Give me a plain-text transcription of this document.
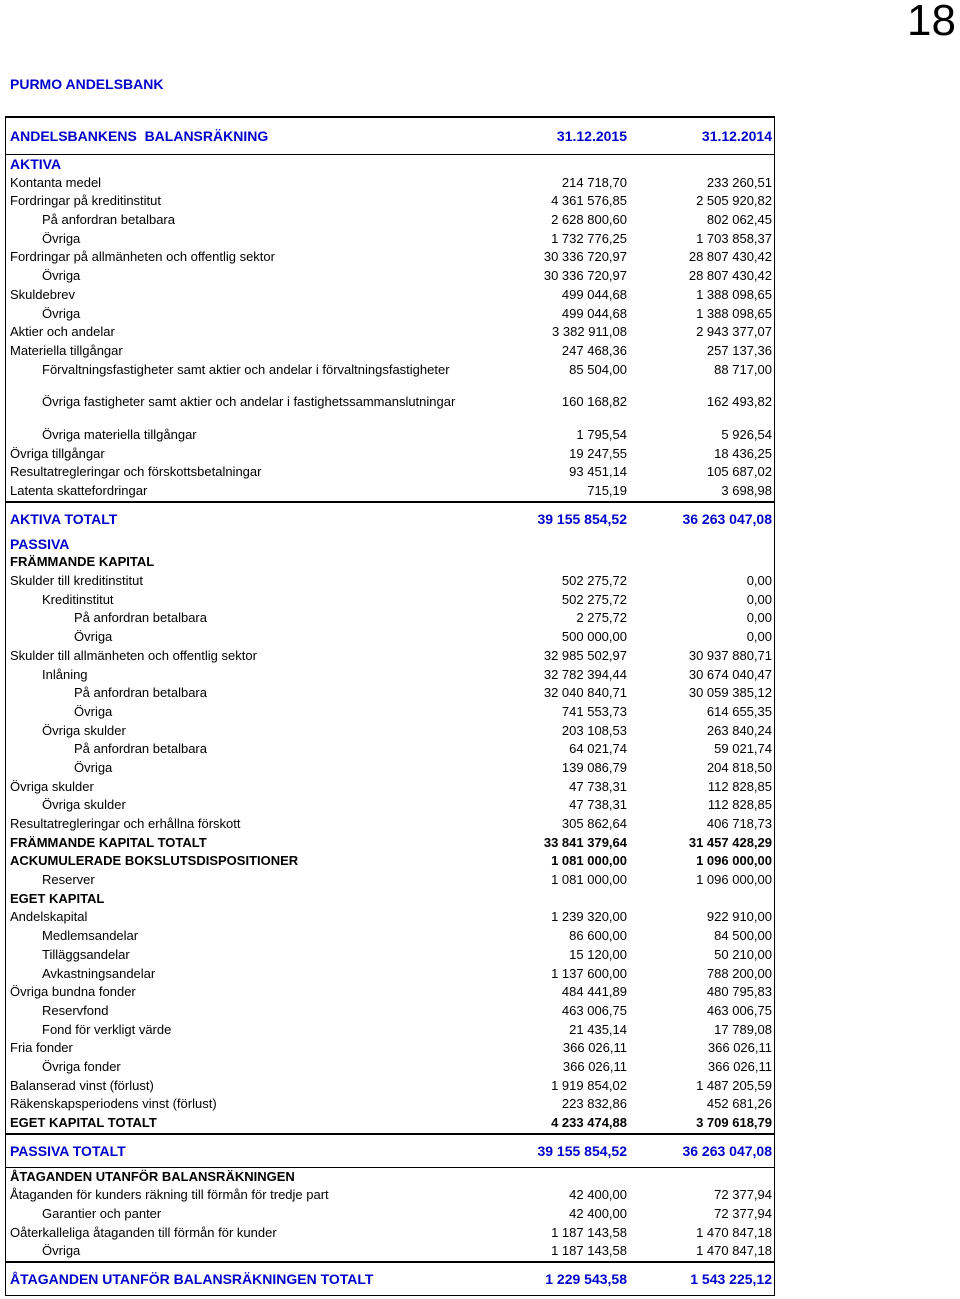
18
PURMO ANDELSBANK
ANDELSBANKENS  BALANSRÄKNING	31.12.2015	31.12.2014
AKTIVA
Kontanta medel	214 718,70	233 260,51
Fordringar på kreditinstitut	4 361 576,85	2 505 920,82
På anfordran betalbara	2 628 800,60	802 062,45
Övriga	1 732 776,25	1 703 858,37
Fordringar på allmänheten och offentlig sektor	30 336 720,97	28 807 430,42
Övriga	30 336 720,97	28 807 430,42
Skuldebrev	499 044,68	1 388 098,65
Övriga	499 044,68	1 388 098,65
Aktier och andelar	3 382 911,08	2 943 377,07
Materiella tillgångar	247 468,36	257 137,36
Förvaltningsfastigheter samt aktier och andelar i förvaltningsfastigheter	85 504,00	88 717,00
Övriga fastigheter samt aktier och andelar i fastighetssammanslutningar	160 168,82	162 493,82
Övriga materiella tillgångar	1 795,54	5 926,54
Övriga tillgångar	19 247,55	18 436,25
Resultatregleringar och förskottsbetalningar	93 451,14	105 687,02
Latenta skattefordringar	715,19	3 698,98
AKTIVA TOTALT	39 155 854,52	36 263 047,08
PASSIVA
FRÄMMANDE KAPITAL
Skulder till kreditinstitut	502 275,72	0,00
Kreditinstitut	502 275,72	0,00
På anfordran betalbara	2 275,72	0,00
Övriga	500 000,00	0,00
Skulder till allmänheten och offentlig sektor	32 985 502,97	30 937 880,71
Inlåning	32 782 394,44	30 674 040,47
På anfordran betalbara	32 040 840,71	30 059 385,12
Övriga	741 553,73	614 655,35
Övriga skulder	203 108,53	263 840,24
På anfordran betalbara	64 021,74	59 021,74
Övriga	139 086,79	204 818,50
Övriga skulder	47 738,31	112 828,85
Övriga skulder	47 738,31	112 828,85
Resultatregleringar och erhållna förskott	305 862,64	406 718,73
FRÄMMANDE KAPITAL TOTALT	33 841 379,64	31 457 428,29
ACKUMULERADE BOKSLUTSDISPOSITIONER	1 081 000,00	1 096 000,00
Reserver	1 081 000,00	1 096 000,00
EGET KAPITAL
Andelskapital	1 239 320,00	922 910,00
Medlemsandelar	86 600,00	84 500,00
Tilläggsandelar	15 120,00	50 210,00
Avkastningsandelar	1 137 600,00	788 200,00
Övriga bundna fonder	484 441,89	480 795,83
Reservfond	463 006,75	463 006,75
Fond för verkligt värde	21 435,14	17 789,08
Fria fonder	366 026,11	366 026,11
Övriga fonder	366 026,11	366 026,11
Balanserad vinst (förlust)	1 919 854,02	1 487 205,59
Räkenskapsperiodens vinst (förlust)	223 832,86	452 681,26
EGET KAPITAL TOTALT	4 233 474,88	3 709 618,79
PASSIVA TOTALT	39 155 854,52	36 263 047,08
ÅTAGANDEN UTANFÖR BALANSRÄKNINGEN
Åtaganden för kunders räkning till förmån för tredje part	42 400,00	72 377,94
Garantier och panter	42 400,00	72 377,94
Oåterkalleliga åtaganden till förmån för kunder	1 187 143,58	1 470 847,18
Övriga	1 187 143,58	1 470 847,18
ÅTAGANDEN UTANFÖR BALANSRÄKNINGEN TOTALT	1 229 543,58	1 543 225,12
